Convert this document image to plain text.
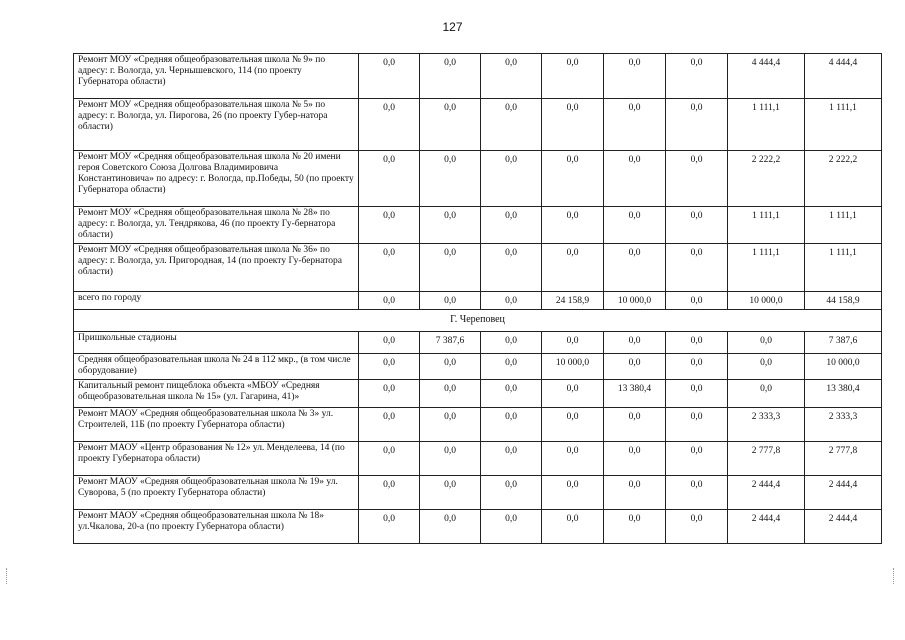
127
Ремонт МОУ «Средняя общеобразовательная школа № 9» по адресу: г. Вологда, ул. Чернышевского, 114 (по проекту Губернатора области)	0,0	0,0	0,0	0,0	0,0	0,0	4 444,4	4 444,4
Ремонт МОУ «Средняя общеобразовательная школа № 5» по адресу: г. Вологда, ул. Пирогова, 26 (по проекту Губер-натора области)	0,0	0,0	0,0	0,0	0,0	0,0	1 111,1	1 111,1
Ремонт МОУ «Средняя общеобразовательная школа № 20 имени героя Советского Союза Долгова Владимировича Константиновича» по адресу: г. Вологда, пр.Победы, 50 (по проекту Губернатора области)	0,0	0,0	0,0	0,0	0,0	0,0	2 222,2	2 222,2
Ремонт МОУ «Средняя общеобразовательная школа № 28» по адресу: г. Вологда, ул. Тендрякова, 46 (по проекту Гу-бернатора области)	0,0	0,0	0,0	0,0	0,0	0,0	1 111,1	1 111,1
Ремонт МОУ «Средняя общеобразовательная школа № 36» по адресу: г. Вологда, ул. Пригородная, 14 (по проекту Гу-бернатора области)	0,0	0,0	0,0	0,0	0,0	0,0	1 111,1	1 111,1
всего по городу	0,0	0,0	0,0	24 158,9	10 000,0	0,0	10 000,0	44 158,9
Г. Череповец								
Пришкольные стадионы	0,0	7 387,6	0,0	0,0	0,0	0,0	0,0	7 387,6
Средняя общеобразовательная школа № 24 в 112 мкр., (в том числе оборудование)	0,0	0,0	0,0	10 000,0	0,0	0,0	0,0	10 000,0
Капитальный ремонт пищеблока объекта «МБОУ «Средняя общеобразовательная школа № 15» (ул. Гагарина, 41)»	0,0	0,0	0,0	0,0	13 380,4	0,0	0,0	13 380,4
Ремонт МАОУ «Средняя общеобразовательная школа № 3» ул. Строителей, 11Б (по проекту Губернатора области)	0,0	0,0	0,0	0,0	0,0	0,0	2 333,3	2 333,3
Ремонт МАОУ «Центр образования № 12» ул. Менделеева, 14 (по проекту Губернатора области)	0,0	0,0	0,0	0,0	0,0	0,0	2 777,8	2 777,8
Ремонт МАОУ «Средняя общеобразовательная школа № 19» ул. Суворова, 5 (по проекту Губернатора области)	0,0	0,0	0,0	0,0	0,0	0,0	2 444,4	2 444,4
Ремонт МАОУ «Средняя общеобразовательная школа № 18» ул.Чкалова, 20-а (по проекту Губернатора области)	0,0	0,0	0,0	0,0	0,0	0,0	2 444,4	2 444,4
